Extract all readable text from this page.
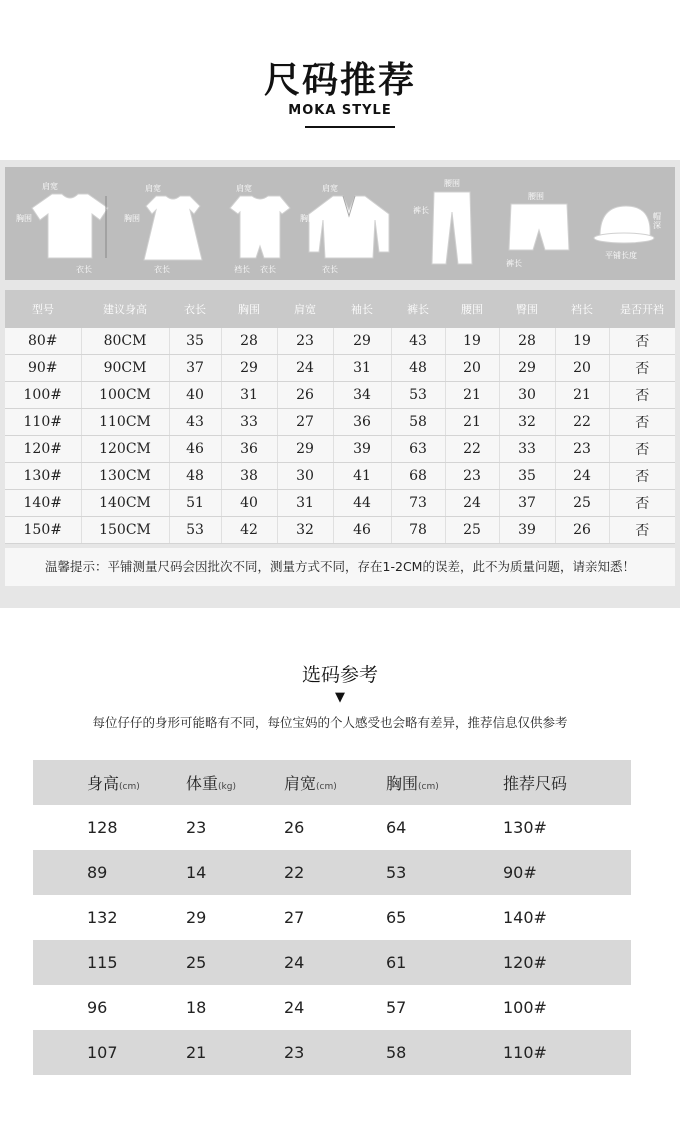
尺码推荐
MOKA STYLE
肩宽
胸围
衣长
肩宽
胸围
衣长
肩宽
裆长 衣长
肩宽
胸围
衣长
腰围
裤长
腰围
裤长
帽深
平铺长度
型号	建议身高	衣长	胸围	肩宽	袖长	裤长	腰围	臀围	裆长	是否开裆
80#	80CM	35	28	23	29	43	19	28	19	否
90#	90CM	37	29	24	31	48	20	29	20	否
100#	100CM	40	31	26	34	53	21	30	21	否
110#	110CM	43	33	27	36	58	21	32	22	否
120#	120CM	46	36	29	39	63	22	33	23	否
130#	130CM	48	38	30	41	68	23	35	24	否
140#	140CM	51	40	31	44	73	24	37	25	否
150#	150CM	53	42	32	46	78	25	39	26	否
温馨提示：平铺测量尺码会因批次不同，测量方式不同，存在1-2CM的误差，此不为质量问题，请亲知悉！
选码参考
▼
每位仔仔的身形可能略有不同，每位宝妈的个人感受也会略有差异，推荐信息仅供参考
身高(cm)	体重(kg)	肩宽(cm)	胸围(cm)	推荐尺码
128	23	26	64	130#
89	14	22	53	90#
132	29	27	65	140#
115	25	24	61	120#
96	18	24	57	100#
107	21	23	58	110#
